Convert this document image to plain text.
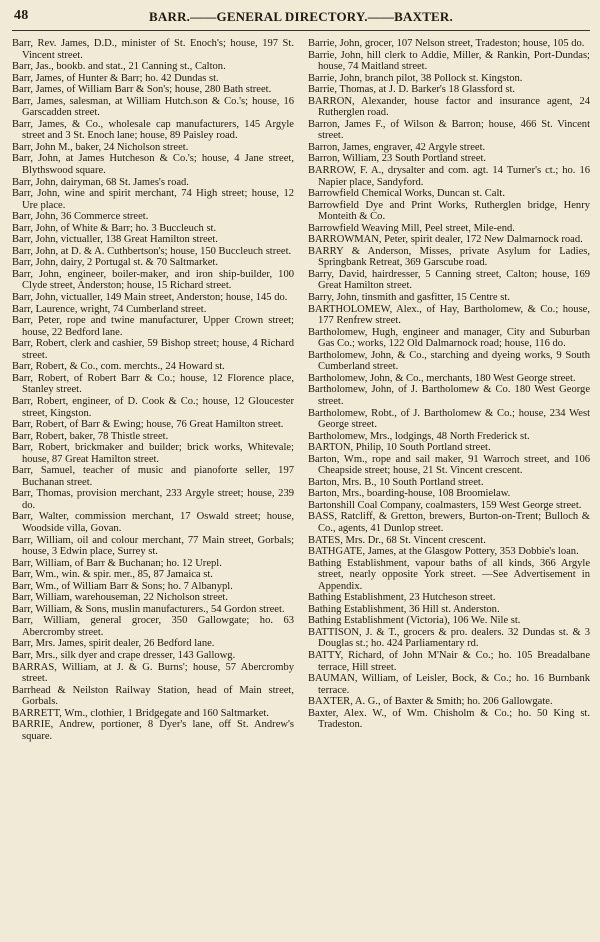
48	BARR.——GENERAL DIRECTORY.——BAXTER.

Barr, Rev. James, D.D., minister of St. Enoch's; house, 197 St. Vincent street.

Barr, Jas., bookb. and stat., 21 Canning st., Calton.

Barr, James, of Hunter & Barr; ho. 42 Dundas st.

Barr, James, of William Barr & Son's; house, 280 Bath street.

Barr, James, salesman, at William Hutch.son & Co.'s; house, 16 Garscadden street.

Barr, James, & Co., wholesale cap manufacturers, 145 Argyle street and 3 St. Enoch lane; house, 89 Paisley road.

Barr, John M., baker, 24 Nicholson street.

Barr, John, at James Hutcheson & Co.'s; house, 4 Jane street, Blythswood square.

Barr, John, dairyman, 68 St. James's road.

Barr, John, wine and spirit merchant, 74 High street; house, 12 Ure place.

Barr, John, 36 Commerce street.

Barr, John, of White & Barr; ho. 3 Buccleuch st.

Barr, John, victualler, 138 Great Hamilton street.

Barr, John, at D. & A. Cuthbertson's; house, 150 Buccleuch street.

Barr, John, dairy, 2 Portugal st. & 70 Saltmarket.

Barr, John, engineer, boiler-maker, and iron ship-builder, 100 Clyde street, Anderston; house, 15 Richard street.

Barr, John, victualler, 149 Main street, Anderston; house, 145 do.

Barr, Laurence, wright, 74 Cumberland street.

Barr, Peter, rope and twine manufacturer, Upper Crown street; house, 22 Bedford lane.

Barr, Robert, clerk and cashier, 59 Bishop street; house, 4 Richard street.

Barr, Robert, & Co., com. merchts., 24 Howard st.

Barr, Robert, of Robert Barr & Co.; house, 12 Florence place, Stanley street.

Barr, Robert, engineer, of D. Cook & Co.; house, 12 Gloucester street, Kingston.

Barr, Robert, of Barr & Ewing; house, 76 Great Hamilton street.

Barr, Robert, baker, 78 Thistle street.

Barr, Robert, brickmaker and builder; brick works, Whitevale; house, 87 Great Hamilton street.

Barr, Samuel, teacher of music and pianoforte seller, 197 Buchanan street.

Barr, Thomas, provision merchant, 233 Argyle street; house, 239 do.

Barr, Walter, commission merchant, 17 Oswald street; house, Woodside villa, Govan.

Barr, William, oil and colour merchant, 77 Main street, Gorbals; house, 3 Edwin place, Surrey st.

Barr, William, of Barr & Buchanan; ho. 12 Urepl.

Barr, Wm., win. & spir. mer., 85, 87 Jamaica st.

Barr, Wm., of William Barr & Sons; ho. 7 Albanypl.

Barr, William, warehouseman, 22 Nicholson street.

Barr, William, & Sons, muslin manufacturers., 54 Gordon street.

Barr, William, general grocer, 350 Gallowgate; ho. 63 Abercromby street.

Barr, Mrs. James, spirit dealer, 26 Bedford lane.

Barr, Mrs., silk dyer and crape dresser, 143 Gallowg.

BARRAS, William, at J. & G. Burns'; house, 57 Abercromby street.

Barrhead & Neilston Railway Station, head of Main street, Gorbals.

BARRETT, Wm., clothier, 1 Bridgegate and 160 Saltmarket.

BARRIE, Andrew, portioner, 8 Dyer's lane, off St. Andrew's square.

Barrie, John, grocer, 107 Nelson street, Tradeston; house, 105 do.

Barrie, John, hill clerk to Addie, Miller, & Rankin, Port-Dundas; house, 74 Maitland street.

Barrie, John, branch pilot, 38 Pollock st. Kingston.

Barrie, Thomas, at J. D. Barker's 18 Glassford st.

BARRON, Alexander, house factor and insurance agent, 24 Rutherglen road.

Barron, James F., of Wilson & Barron; house, 466 St. Vincent street.

Barron, James, engraver, 42 Argyle street.

Barron, William, 23 South Portland street.

BARROW, F. A., drysalter and com. agt. 14 Turner's ct.; ho. 16 Napier place, Sandyford.

Barrowfield Chemical Works, Duncan st. Calt.

Barrowfield Dye and Print Works, Rutherglen bridge, Henry Monteith & Co.

Barrowfield Weaving Mill, Peel street, Mile-end.

BARROWMAN, Peter, spirit dealer, 172 New Dalmarnock road.

BARRY & Anderson, Misses, private Asylum for Ladies, Springbank Retreat, 369 Garscube road.

Barry, David, hairdresser, 5 Canning street, Calton; house, 169 Great Hamilton street.

Barry, John, tinsmith and gasfitter, 15 Centre st.

BARTHOLOMEW, Alex., of Hay, Bartholomew, & Co.; house, 177 Renfrew street.

Bartholomew, Hugh, engineer and manager, City and Suburban Gas Co.; works, 122 Old Dalmarnock road; house, 116 do.

Bartholomew, John, & Co., starching and dyeing works, 9 South Cumberland street.

Bartholomew, John, & Co., merchants, 180 West George street.

Bartholomew, John, of J. Bartholomew & Co. 180 West George street.

Bartholomew, Robt., of J. Bartholomew & Co.; house, 234 West George street.

Bartholomew, Mrs., lodgings, 48 North Frederick st.

BARTON, Philip, 10 South Portland street.

Barton, Wm., rope and sail maker, 91 Warroch street, and 106 Cheapside street; house, 21 St. Vincent crescent.

Barton, Mrs. B., 10 South Portland street.

Barton, Mrs., boarding-house, 108 Broomielaw.

Bartonshill Coal Company, coalmasters, 159 West George street.

BASS, Ratcliff, & Gretton, brewers, Burton-on-Trent; Bulloch & Co., agents, 41 Dunlop street.

BATES, Mrs. Dr., 68 St. Vincent crescent.

BATHGATE, James, at the Glasgow Pottery, 353 Dobbie's loan.

Bathing Establishment, vapour baths of all kinds, 366 Argyle street, nearly opposite York street. —See Advertisement in Appendix.

Bathing Establishment, 23 Hutcheson street.

Bathing Establishment, 36 Hill st. Anderston.

Bathing Establishment (Victoria), 106 We. Nile st.

BATTISON, J. & T., grocers & pro. dealers. 32 Dundas st. & 3 Douglas st.; ho. 424 Parliamentary rd.

BATTY, Richard, of John M'Nair & Co.; ho. 105 Breadalbane terrace, Hill street.

BAUMAN, William, of Leisler, Bock, & Co.; ho. 16 Burnbank terrace.

BAXTER, A. G., of Baxter & Smith; ho. 206 Gallowgate.

Baxter, Alex. W., of Wm. Chisholm & Co.; ho. 50 King st. Tradeston.
